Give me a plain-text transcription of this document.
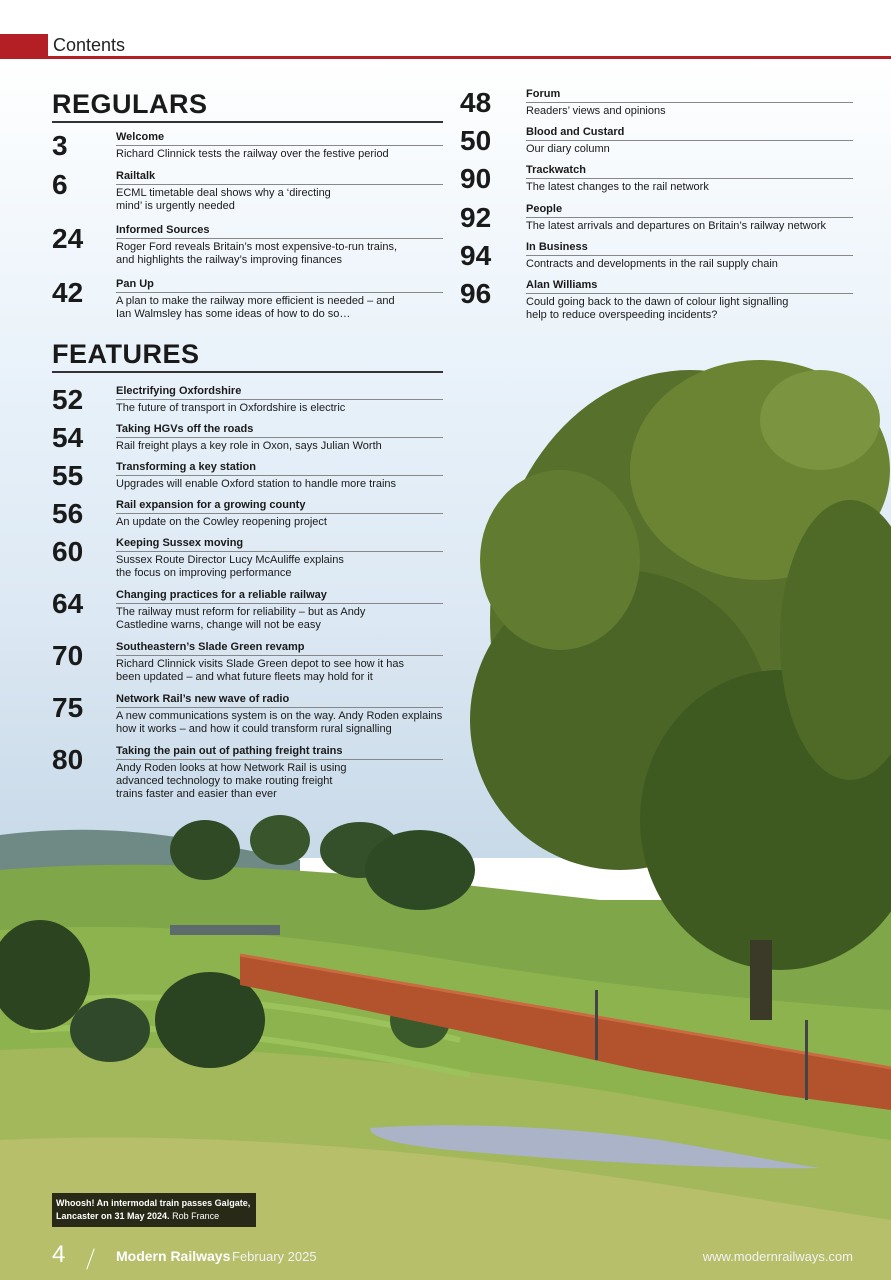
Contents
REGULARS
3	Welcome
Richard Clinnick tests the railway over the festive period
6	Railtalk
ECML timetable deal shows why a ‘directing
mind’ is urgently needed
24	Informed Sources
Roger Ford reveals Britain’s most expensive-to-run trains,
and highlights the railway’s improving finances
42	Pan Up
A plan to make the railway more efficient is needed – and
Ian Walmsley has some ideas of how to do so…
48	Forum
Readers’ views and opinions
50	Blood and Custard
Our diary column
90	Trackwatch
The latest changes to the rail network
92	People
The latest arrivals and departures on Britain’s railway network
94	In Business
Contracts and developments in the rail supply chain
96	Alan Williams
Could going back to the dawn of colour light signalling
help to reduce overspeeding incidents?
FEATURES
52	Electrifying Oxfordshire
The future of transport in Oxfordshire is electric
54	Taking HGVs off the roads
Rail freight plays a key role in Oxon, says Julian Worth
55	Transforming a key station
Upgrades will enable Oxford station to handle more trains
56	Rail expansion for a growing county
An update on the Cowley reopening project
60	Keeping Sussex moving
Sussex Route Director Lucy McAuliffe explains
the focus on improving performance
64	Changing practices for a reliable railway
The railway must reform for reliability – but as Andy
Castledine warns, change will not be easy
70	Southeastern’s Slade Green revamp
Richard Clinnick visits Slade Green depot to see how it has
been updated – and what future fleets may hold for it
75	Network Rail’s new wave of radio
A new communications system is on the way. Andy Roden explains
how it works – and how it could transform rural signalling
80	Taking the pain out of pathing freight trains
Andy Roden looks at how Network Rail is using
advanced technology to make routing freight
trains faster and easier than ever
Whoosh! An intermodal train passes Galgate, Lancaster on 31 May 2024. Rob France
4	Modern Railways February 2025	www.modernrailways.com
